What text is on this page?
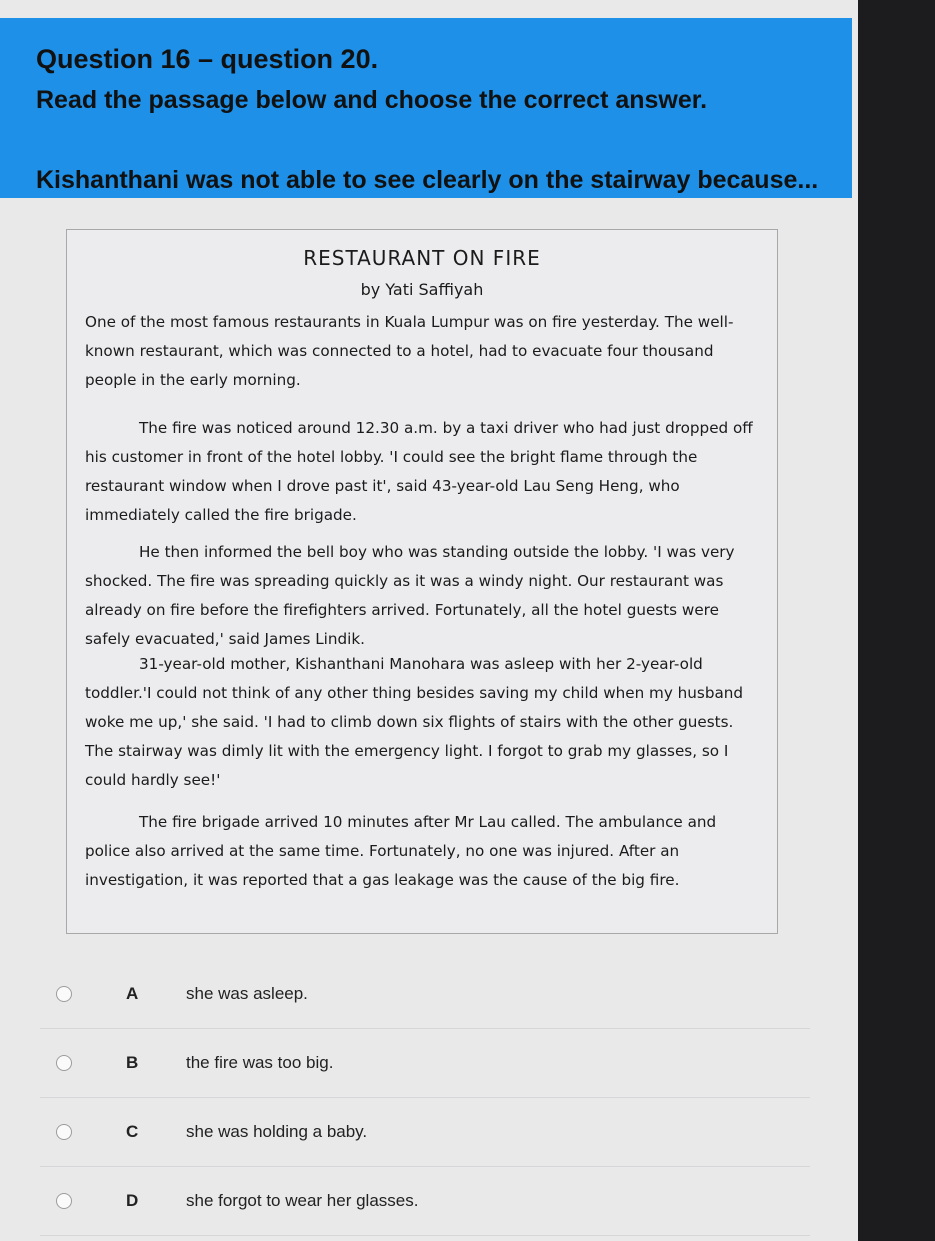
Question 16 – question 20.
Read the passage below and choose the correct answer.
Kishanthani was not able to see clearly on the stairway because...
RESTAURANT ON FIRE
by Yati Saffiyah

One of the most famous restaurants in Kuala Lumpur was on fire yesterday. The well-known restaurant, which was connected to a hotel, had to evacuate four thousand people in the early morning.

The fire was noticed around 12.30 a.m. by a taxi driver who had just dropped off his customer in front of the hotel lobby. 'I could see the bright flame through the restaurant window when I drove past it', said 43-year-old Lau Seng Heng, who immediately called the fire brigade.

He then informed the bell boy who was standing outside the lobby. 'I was very shocked. The fire was spreading quickly as it was a windy night. Our restaurant was already on fire before the firefighters arrived. Fortunately, all the hotel guests were safely evacuated,' said James Lindik.

31-year-old mother, Kishanthani Manohara was asleep with her 2-year-old toddler.'I could not think of any other thing besides saving my child when my husband woke me up,' she said. 'I had to climb down six flights of stairs with the other guests. The stairway was dimly lit with the emergency light. I forgot to grab my glasses, so I could hardly see!'

The fire brigade arrived 10 minutes after Mr Lau called. The ambulance and police also arrived at the same time. Fortunately, no one was injured. After an investigation, it was reported that a gas leakage was the cause of the big fire.

A	she was asleep.
B	the fire was too big.
C	she was holding a baby.
D	she forgot to wear her glasses.
